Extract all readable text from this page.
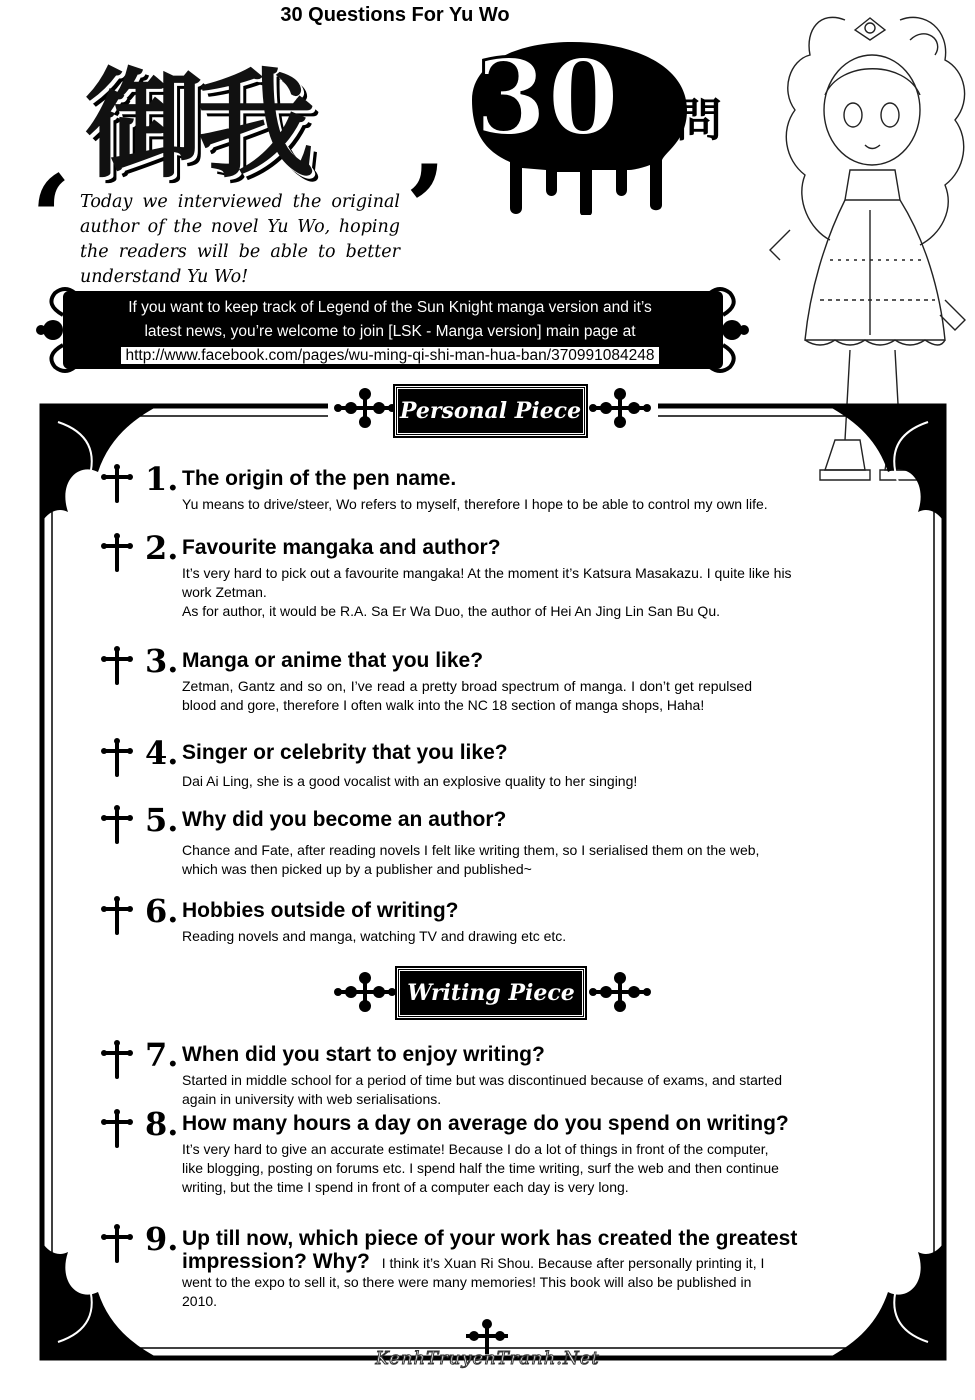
30 Questions For Yu Wo
御我 30 問
‘	’
Today we interviewed the original author of the novel Yu Wo, hoping the readers will be able to better understand Yu Wo!
If you want to keep track of Legend of the Sun Knight manga version and it’s
latest news, you’re welcome to join [LSK - Manga version] main page at
http://www.facebook.com/pages/wu-ming-qi-shi-man-hua-ban/370991084248
Personal Piece
1. The origin of the pen name.
Yu means to drive/steer, Wo refers to myself, therefore I hope to be able to control my own life.
2. Favourite mangaka and author?
It’s very hard to pick out a favourite mangaka! At the moment it’s Katsura Masakazu. I quite like his work Zetman.
As for author, it would be R.A. Sa Er Wa Duo, the author of Hei An Jing Lin San Bu Qu.
3. Manga or anime that you like?
Zetman, Gantz and so on, I’ve read a pretty broad spectrum of manga. I don’t get repulsed blood and gore, therefore I often walk into the NC 18 section of manga shops, Haha!
4. Singer or celebrity that you like?
Dai Ai Ling, she is a good vocalist with an explosive quality to her singing!
5. Why did you become an author?
Chance and Fate, after reading novels I felt like writing them, so I serialised them on the web, which was then picked up by a publisher and published~
6. Hobbies outside of writing?
Reading novels and manga, watching TV and drawing etc etc.
Writing Piece
7. When did you start to enjoy writing?
Started in middle school for a period of time but was discontinued because of exams, and started again in university with web serialisations.
8. How many hours a day on average do you spend on writing?
It’s very hard to give an accurate estimate! Because I do a lot of things in front of the computer, like blogging, posting on forums etc. I spend half the time writing, surf the web and then continue writing, but the time I spend in front of a computer each day is very long.
9. Up till now, which piece of your work has created the greatest
impression? Why? I think it’s Xuan Ri Shou. Because after personally printing it, I went to the expo to sell it, so there were many memories! This book will also be published in 2010.
KenhTruyenTranh.Net
